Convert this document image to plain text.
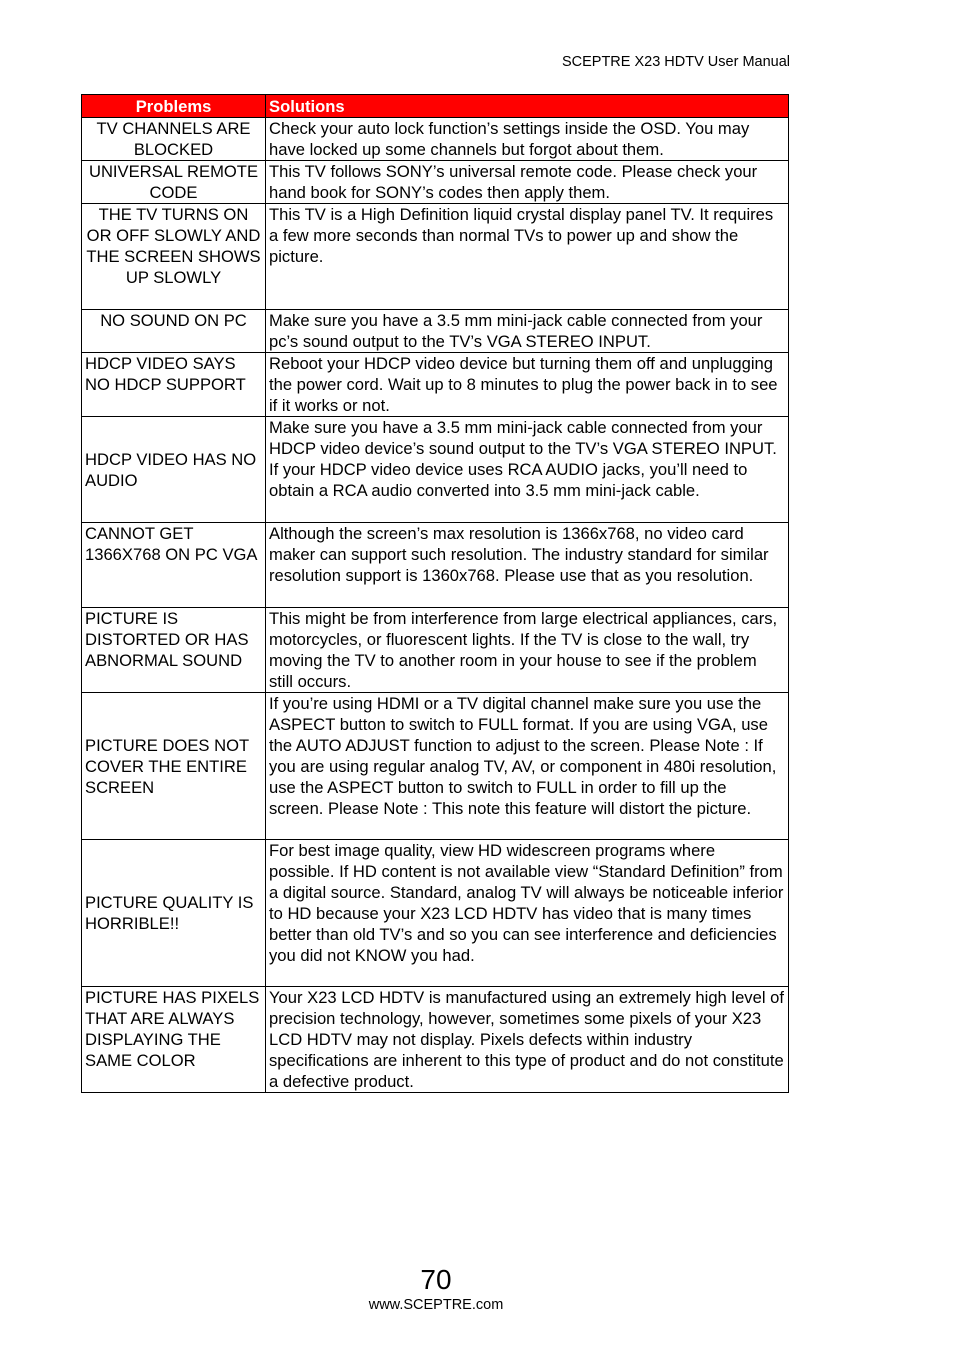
SCEPTRE X23 HDTV User Manual
Problems	Solutions
TV CHANNELS ARE BLOCKED	Check your auto lock function’s settings inside the OSD. You may have locked up some channels but forgot about them.
UNIVERSAL REMOTE CODE	This TV follows SONY’s universal remote code. Please check your hand book for SONY’s codes then apply them.
THE TV TURNS ON OR OFF SLOWLY AND THE SCREEN SHOWS UP SLOWLY	This TV is a High Definition liquid crystal display panel TV. It requires a few more seconds than normal TVs to power up and show the picture.
NO SOUND ON PC	Make sure you have a 3.5 mm mini-jack cable connected from your pc’s sound output to the TV’s VGA STEREO INPUT.
HDCP VIDEO SAYS NO HDCP SUPPORT	Reboot your HDCP video device but turning them off and unplugging the power cord. Wait up to 8 minutes to plug the power back in to see if it works or not.
HDCP VIDEO HAS NO AUDIO	Make sure you have a 3.5 mm mini-jack cable connected from your HDCP video device’s sound output to the TV’s VGA STEREO INPUT. If your HDCP video device uses RCA AUDIO jacks, you’ll need to obtain a RCA audio converted into 3.5 mm mini-jack cable.
CANNOT GET 1366X768 ON PC VGA	Although the screen’s max resolution is 1366x768, no video card maker can support such resolution. The industry standard for similar resolution support is 1360x768. Please use that as you resolution.
PICTURE IS DISTORTED OR HAS ABNORMAL SOUND	This might be from interference from large electrical appliances, cars, motorcycles, or fluorescent lights. If the TV is close to the wall, try moving the TV to another room in your house to see if the problem still occurs.
PICTURE DOES NOT COVER THE ENTIRE SCREEN	If you’re using HDMI or a TV digital channel make sure you use the ASPECT button to switch to FULL format. If you are using VGA, use the AUTO ADJUST function to adjust to the screen. Please Note : If you are using regular analog TV, AV, or component in 480i resolution, use the ASPECT button to switch to FULL in order to fill up the screen. Please Note : This note this feature will distort the picture.
PICTURE QUALITY IS HORRIBLE!!	For best image quality, view HD widescreen programs where possible. If HD content is not available view “Standard Definition” from a digital source. Standard, analog TV will always be noticeable inferior to HD because your X23 LCD HDTV has video that is many times better than old TV’s and so you can see interference and deficiencies you did not KNOW you had.
PICTURE HAS PIXELS THAT ARE ALWAYS DISPLAYING THE SAME COLOR	Your X23 LCD HDTV is manufactured using an extremely high level of precision technology, however, sometimes some pixels of your X23 LCD HDTV may not display. Pixels defects within industry specifications are inherent to this type of product and do not constitute a defective product.
70
www.SCEPTRE.com
